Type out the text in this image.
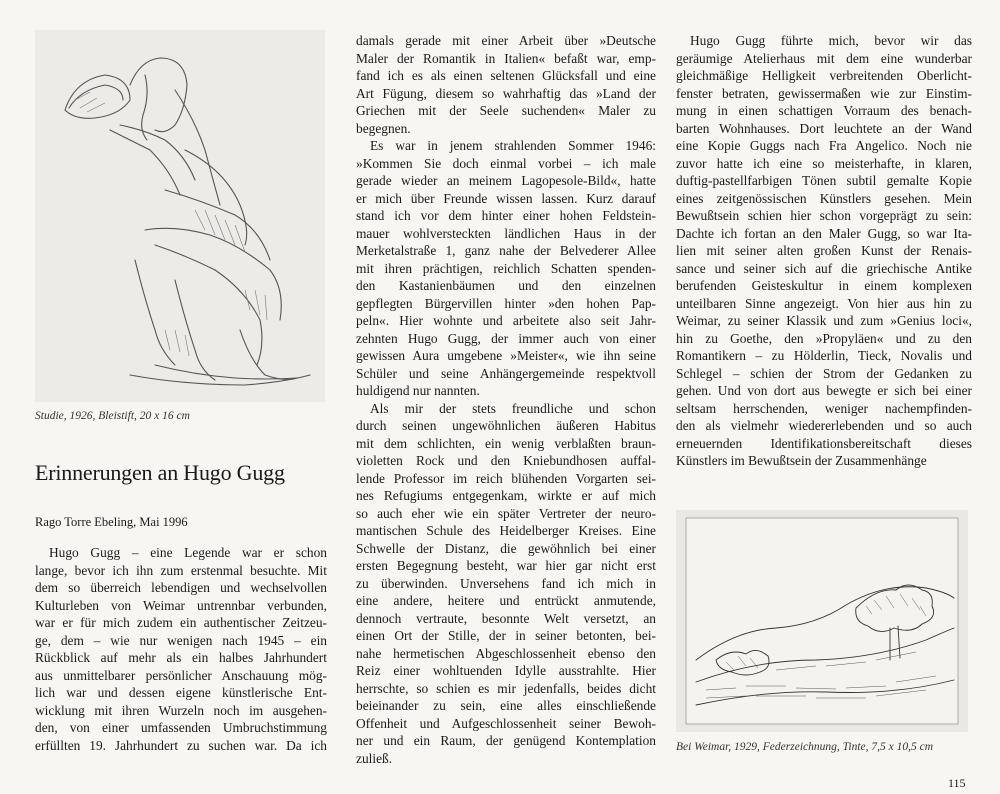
Studie, 1926, Bleistift, 20 x 16 cm
Erinnerungen an Hugo Gugg
Rago Torre Ebeling, Mai 1996
Hugo Gugg – eine Legende war er schon
lange, bevor ich ihn zum erstenmal besuchte. Mit
dem so überreich lebendigen und wechselvollen
Kulturleben von Weimar untrennbar verbunden,
war er für mich zudem ein authentischer Zeitzeu-
ge, dem – wie nur wenigen nach 1945 – ein
Rückblick auf mehr als ein halbes Jahrhundert
aus unmittelbarer persönlicher Anschauung mög-
lich war und dessen eigene künstlerische Ent-
wicklung mit ihren Wurzeln noch im ausgehen-
den, von einer umfassenden Umbruchstimmung
erfüllten 19. Jahrhundert zu suchen war. Da ich
damals gerade mit einer Arbeit über »Deutsche
Maler der Romantik in Italien« befaßt war, emp-
fand ich es als einen seltenen Glücksfall und eine
Art Fügung, diesem so wahrhaftig das »Land der
Griechen mit der Seele suchenden« Maler zu
begegnen.
Es war in jenem strahlenden Sommer 1946:
»Kommen Sie doch einmal vorbei – ich male
gerade wieder an meinem Lagopesole-Bild«, hatte
er mich über Freunde wissen lassen. Kurz darauf
stand ich vor dem hinter einer hohen Feldstein-
mauer wohlversteckten ländlichen Haus in der
Merketalstraße 1, ganz nahe der Belvederer Allee
mit ihren prächtigen, reichlich Schatten spenden-
den Kastanienbäumen und den einzelnen
gepflegten Bürgervillen hinter »den hohen Pap-
peln«. Hier wohnte und arbeitete also seit Jahr-
zehnten Hugo Gugg, der immer auch von einer
gewissen Aura umgebene »Meister«, wie ihn seine
Schüler und seine Anhängergemeinde respektvoll
huldigend nur nannten.
Als mir der stets freundliche und schon
durch seinen ungewöhnlichen äußeren Habitus
mit dem schlichten, ein wenig verblaßten braun-
violetten Rock und den Kniebundhosen auffal-
lende Professor im reich blühenden Vorgarten sei-
nes Refugiums entgegenkam, wirkte er auf mich
so auch eher wie ein später Vertreter der neuro-
mantischen Schule des Heidelberger Kreises. Eine
Schwelle der Distanz, die gewöhnlich bei einer
ersten Begegnung besteht, war hier gar nicht erst
zu überwinden. Unversehens fand ich mich in
eine andere, heitere und entrückt anmutende,
dennoch vertraute, besonnte Welt versetzt, an
einen Ort der Stille, der in seiner betonten, bei-
nahe hermetischen Abgeschlossenheit ebenso den
Reiz einer wohltuenden Idylle ausstrahlte. Hier
herrschte, so schien es mir jedenfalls, beides dicht
beieinander zu sein, eine alles einschließende
Offenheit und Aufgeschlossenheit seiner Bewoh-
ner und ein Raum, der genügend Kontemplation
zuließ.
Hugo Gugg führte mich, bevor wir das
geräumige Atelierhaus mit dem eine wunderbar
gleichmäßige Helligkeit verbreitenden Oberlicht-
fenster betraten, gewissermaßen wie zur Einstim-
mung in einen schattigen Vorraum des benach-
barten Wohnhauses. Dort leuchtete an der Wand
eine Kopie Guggs nach Fra Angelico. Noch nie
zuvor hatte ich eine so meisterhafte, in klaren,
duftig-pastellfarbigen Tönen subtil gemalte Kopie
eines zeitgenössischen Künstlers gesehen. Mein
Bewußtsein schien hier schon vorgeprägt zu sein:
Dachte ich fortan an den Maler Gugg, so war Ita-
lien mit seiner alten großen Kunst der Renais-
sance und seiner sich auf die griechische Antike
berufenden Geisteskultur in einem komplexen
unteilbaren Sinne angezeigt. Von hier aus hin zu
Weimar, zu seiner Klassik und zum »Genius loci«,
hin zu Goethe, den »Propyläen« und zu den
Romantikern – zu Hölderlin, Tieck, Novalis und
Schlegel – schien der Strom der Gedanken zu
gehen. Und von dort aus bewegte er sich bei einer
seltsam herrschenden, weniger nachempfinden-
den als vielmehr wiedererlebenden und so auch
erneuernden Identifikationsbereitschaft dieses
Künstlers im Bewußtsein der Zusammenhänge
Bei Weimar, 1929, Federzeichnung, Tinte, 7,5 x 10,5 cm
115
